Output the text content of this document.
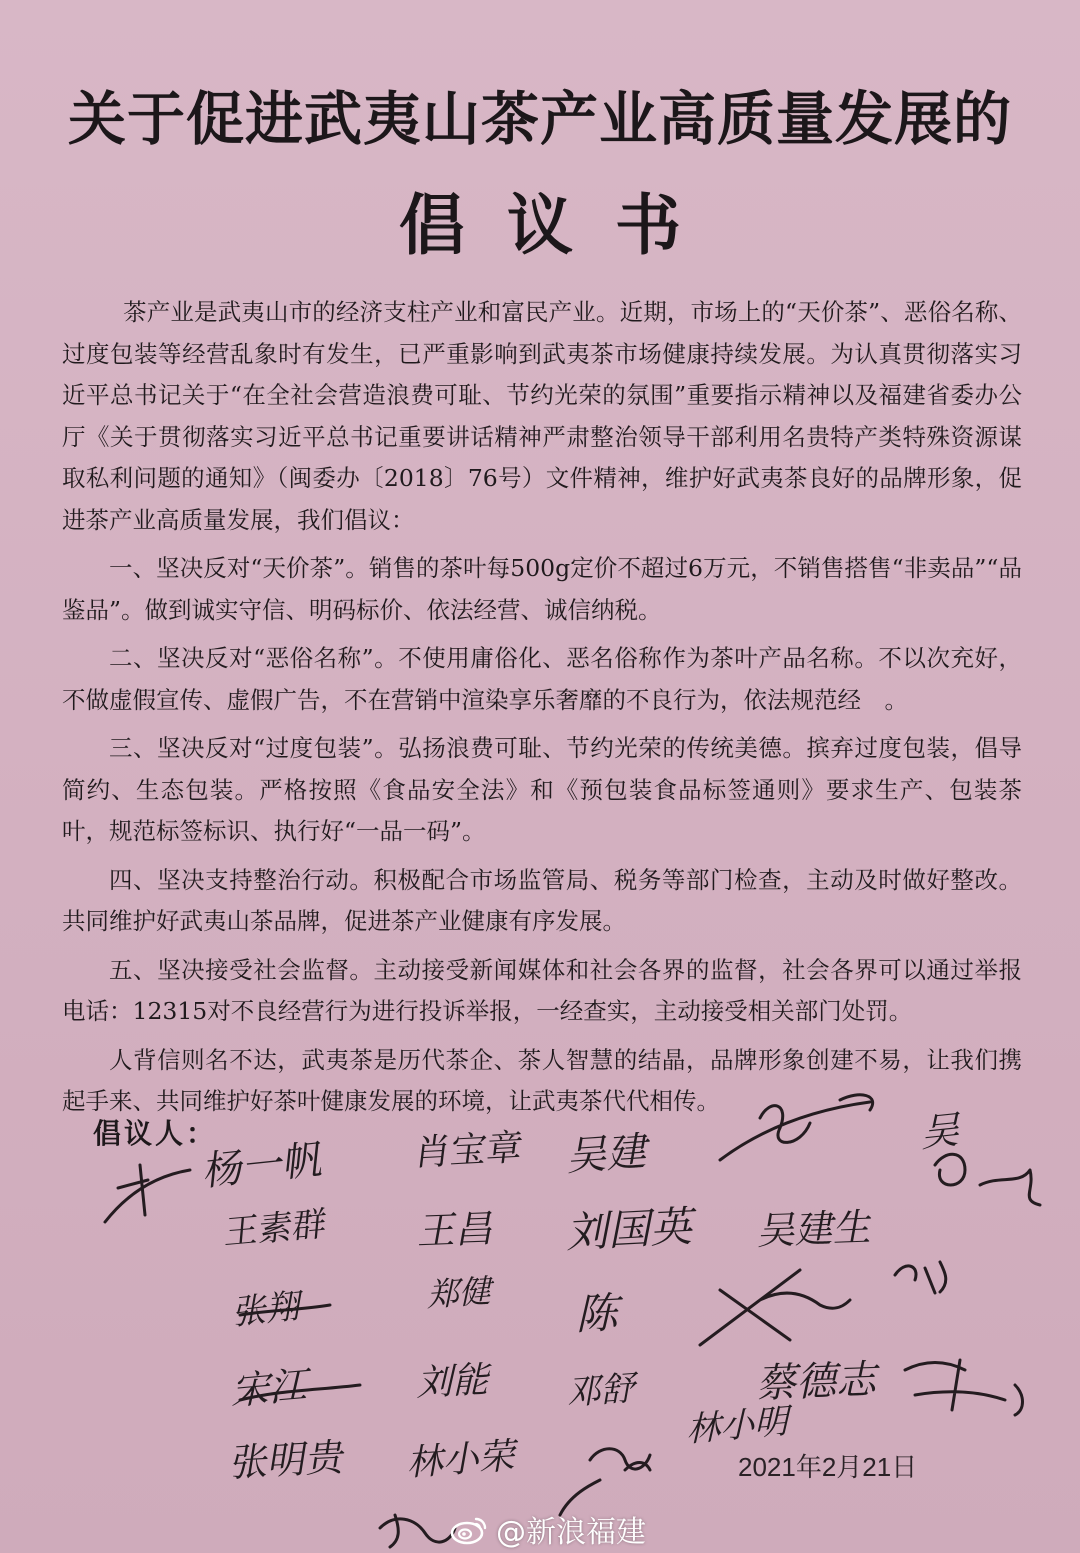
关于促进武夷山茶产业高质量发展的
倡议书

茶产业是武夷山市的经济支柱产业和富民产业。近期，市场上的“天价茶”、恶俗名称、过度包装等经营乱象时有发生，已严重影响到武夷茶市场健康持续发展。为认真贯彻落实习近平总书记关于“在全社会营造浪费可耻、节约光荣的氛围”重要指示精神以及福建省委办公厅《关于贯彻落实习近平总书记重要讲话精神严肃整治领导干部利用名贵特产类特殊资源谋取私利问题的通知》（闽委办〔2018〕76号）文件精神，维护好武夷茶良好的品牌形象，促进茶产业高质量发展，我们倡议：

一、坚决反对“天价茶”。销售的茶叶每500g定价不超过6万元，不销售搭售“非卖品”“品鉴品”。做到诚实守信、明码标价、依法经营、诚信纳税。

二、坚决反对“恶俗名称”。不使用庸俗化、恶名俗称作为茶叶产品名称。不以次充好，不做虚假宣传、虚假广告，不在营销中渲染享乐奢靡的不良行为，依法规范经　。

三、坚决反对“过度包装”。弘扬浪费可耻、节约光荣的传统美德。摈弃过度包装，倡导简约、生态包装。严格按照《食品安全法》和《预包装食品标签通则》要求生产、包装茶叶，规范标签标识、执行好“一品一码”。

四、坚决支持整治行动。积极配合市场监管局、税务等部门检查，主动及时做好整改。共同维护好武夷山茶品牌，促进茶产业健康有序发展。

五、坚决接受社会监督。主动接受新闻媒体和社会各界的监督，社会各界可以通过举报电话：12315对不良经营行为进行投诉举报，一经查实，主动接受相关部门处罚。

人背信则名不达，武夷茶是历代茶企、茶人智慧的结晶，品牌形象创建不易，让我们携起手来、共同维护好茶叶健康发展的环境，让武夷茶代代相传。

倡议人：
杨一帆 肖宝章 吴建
王素群 王昌 刘国英 吴建生
张翔	郑健 陈
宋江	刘能 邓舒	蔡德志
张明贵 林小荣
林小明
吴
2021年2月21日
@新浪福建
